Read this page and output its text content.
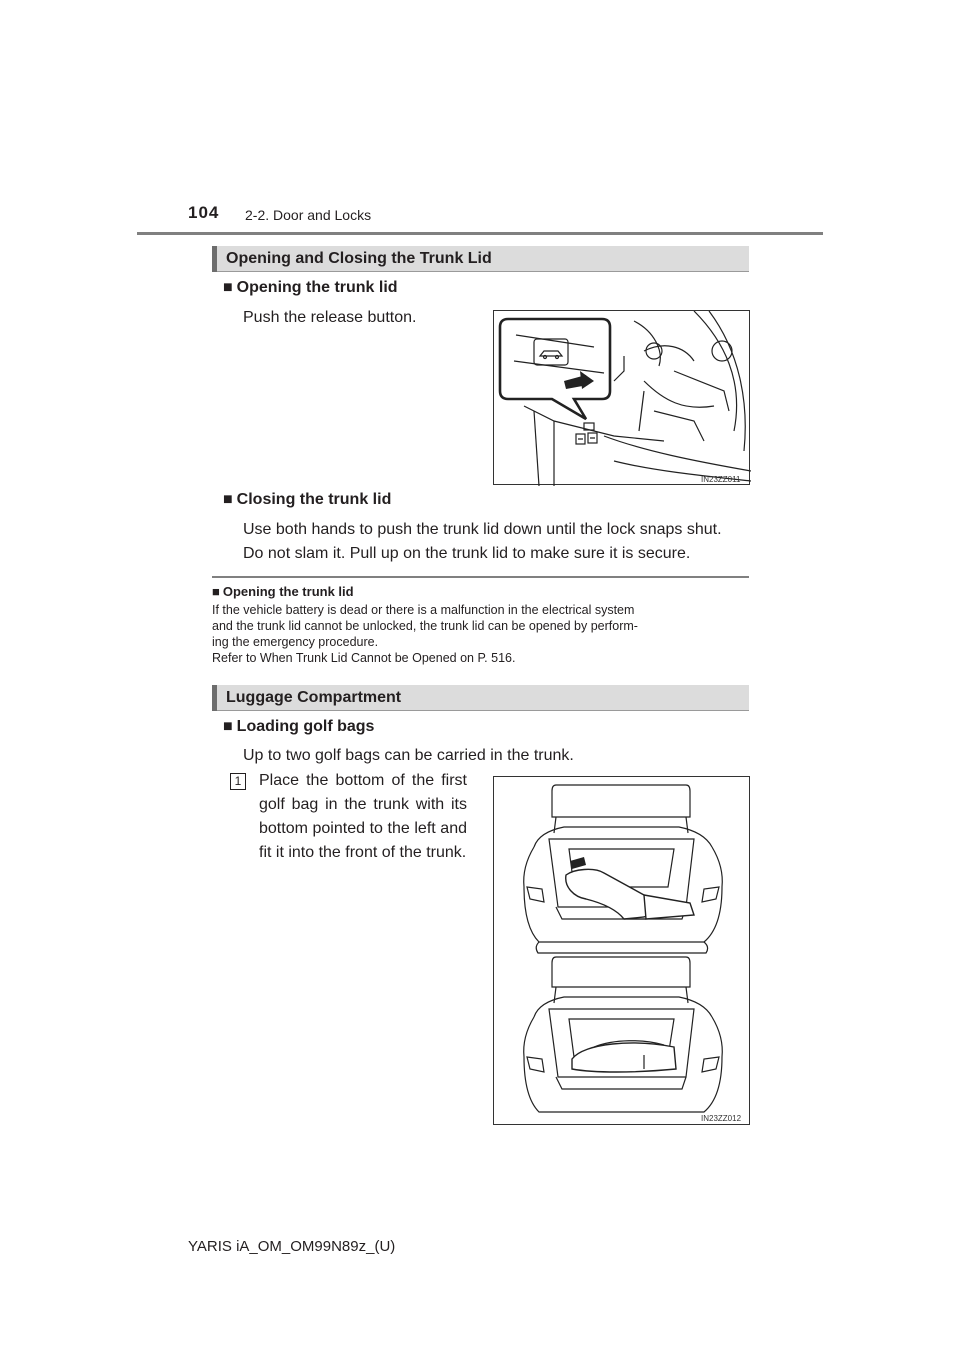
104 2-2. Door and Locks
Opening and Closing the Trunk Lid
■ Opening the trunk lid
Push the release button.
IN23ZZ011
■ Closing the trunk lid
Use both hands to push the trunk lid down until the lock snaps shut.
Do not slam it. Pull up on the trunk lid to make sure it is secure.
■ Opening the trunk lid
If the vehicle battery is dead or there is a malfunction in the electrical system
and the trunk lid cannot be unlocked, the trunk lid can be opened by perform-
ing the emergency procedure.
Refer to When Trunk Lid Cannot be Opened on P. 516.
Luggage Compartment
■ Loading golf bags
Up to two golf bags can be carried in the trunk.
1 Place the bottom of the first golf bag in the trunk with its bottom pointed to the left and fit it into the front of the trunk.
IN23ZZ012
YARIS iA_OM_OM99N89z_(U)
